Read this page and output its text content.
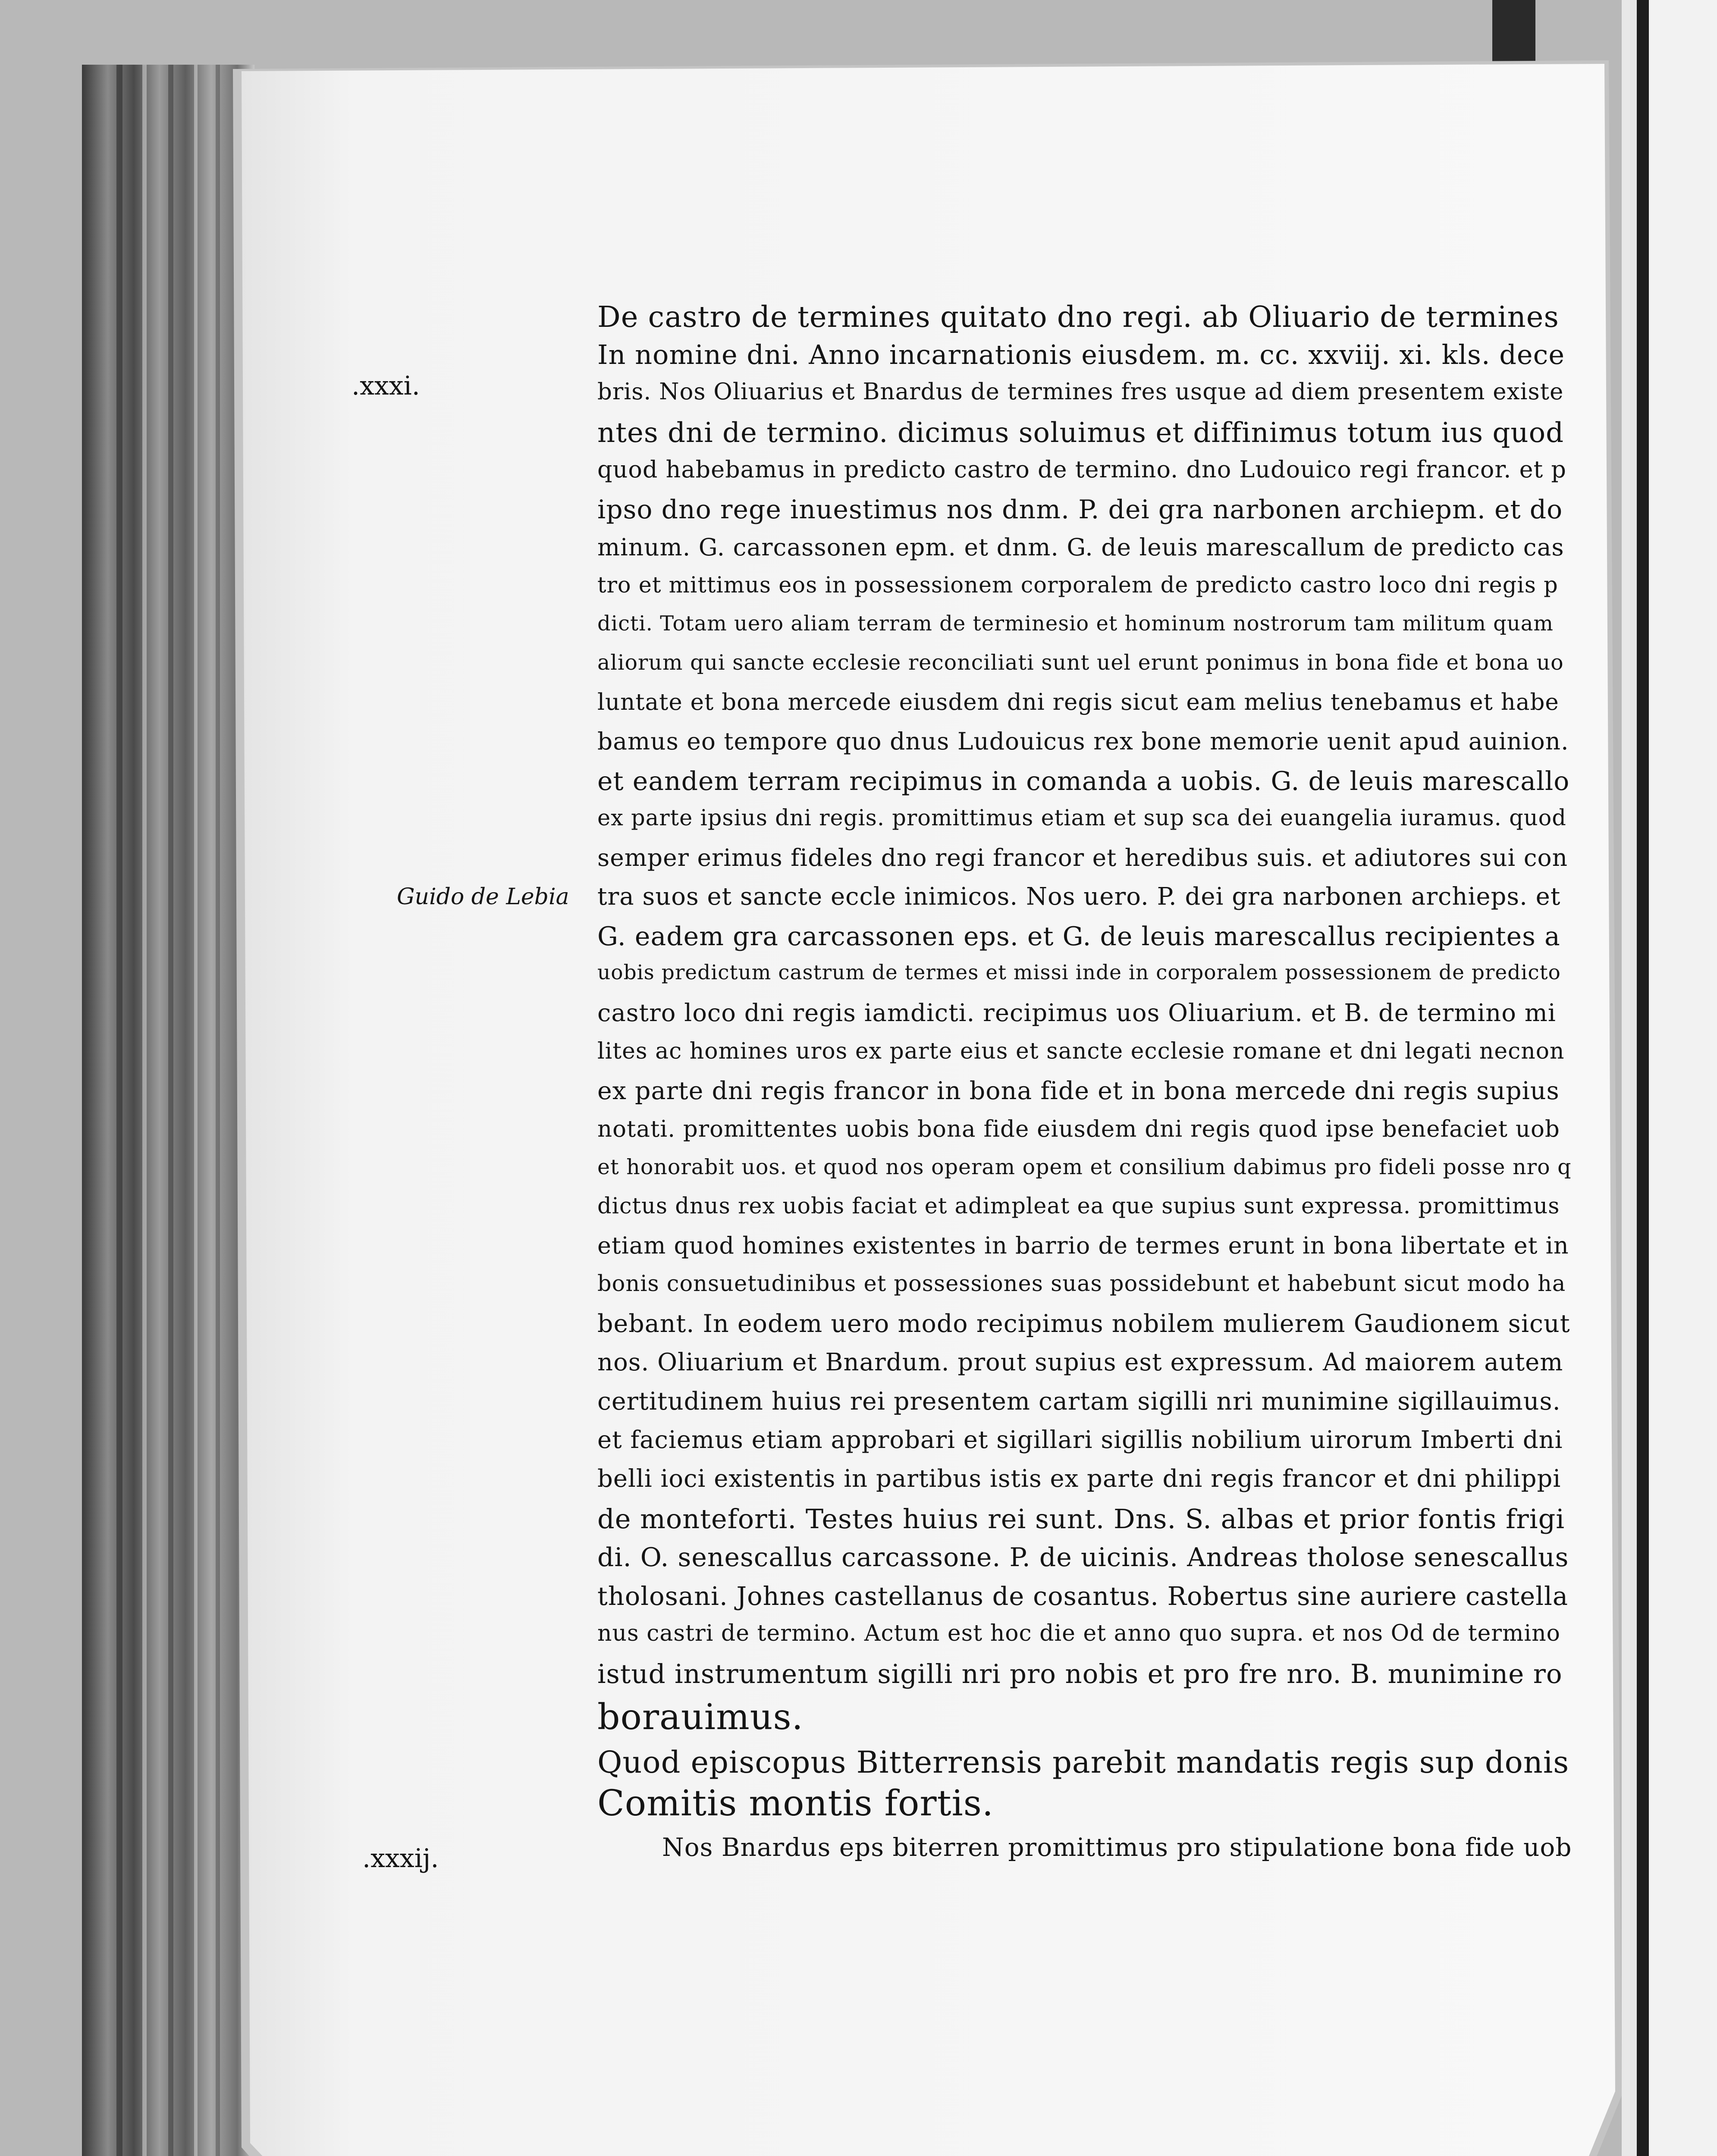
.xxxi.
Guido de Lebia
.xxxij.
De castro de termines quitato dno regi. ab Oliuario de termines
In nomine dni. Anno incarnationis eiusdem. m. cc. xxviij. xi. kls. dece
bris. Nos Oliuarius et Bnardus de termines fres usque ad diem presentem existe
ntes dni de termino. dicimus soluimus et diffinimus totum ius quod
quod habebamus in predicto castro de termino. dno Ludouico regi francor. et p
ipso dno rege inuestimus nos dnm. P. dei gra narbonen archiepm. et do
minum. G. carcassonen epm. et dnm. G. de leuis marescallum de predicto cas
tro et mittimus eos in possessionem corporalem de predicto castro loco dni regis p
dicti. Totam uero aliam terram de terminesio et hominum nostrorum tam militum quam
aliorum qui sancte ecclesie reconciliati sunt uel erunt ponimus in bona fide et bona uo
luntate et bona mercede eiusdem dni regis sicut eam melius tenebamus et habe
bamus eo tempore quo dnus Ludouicus rex bone memorie uenit apud auinion.
et eandem terram recipimus in comanda a uobis. G. de leuis marescallo
ex parte ipsius dni regis. promittimus etiam et sup sca dei euangelia iuramus. quod
semper erimus fideles dno regi francor et heredibus suis. et adiutores sui con
tra suos et sancte eccle inimicos. Nos uero. P. dei gra narbonen archieps. et
G. eadem gra carcassonen eps. et G. de leuis marescallus recipientes a
uobis predictum castrum de termes et missi inde in corporalem possessionem de predicto
castro loco dni regis iamdicti. recipimus uos Oliuarium. et B. de termino mi
lites ac homines uros ex parte eius et sancte ecclesie romane et dni legati necnon
ex parte dni regis francor in bona fide et in bona mercede dni regis supius
notati. promittentes uobis bona fide eiusdem dni regis quod ipse benefaciet uob
et honorabit uos. et quod nos operam opem et consilium dabimus pro fideli posse nro q
dictus dnus rex uobis faciat et adimpleat ea que supius sunt expressa. promittimus
etiam quod homines existentes in barrio de termes erunt in bona libertate et in
bonis consuetudinibus et possessiones suas possidebunt et habebunt sicut modo ha
bebant. In eodem uero modo recipimus nobilem mulierem Gaudionem sicut
nos. Oliuarium et Bnardum. prout supius est expressum. Ad maiorem autem
certitudinem huius rei presentem cartam sigilli nri munimine sigillauimus.
et faciemus etiam approbari et sigillari sigillis nobilium uirorum Imberti dni
belli ioci existentis in partibus istis ex parte dni regis francor et dni philippi
de monteforti. Testes huius rei sunt. Dns. S. albas et prior fontis frigi
di. O. senescallus carcassone. P. de uicinis. Andreas tholose senescallus
tholosani. Johnes castellanus de cosantus. Robertus sine auriere castella
nus castri de termino. Actum est hoc die et anno quo supra. et nos Od de termino
istud instrumentum sigilli nri pro nobis et pro fre nro. B. munimine ro
borauimus.
Quod episcopus Bitterrensis parebit mandatis regis sup donis
Comitis montis fortis.
Nos Bnardus eps biterren promittimus pro stipulatione bona fide uob
